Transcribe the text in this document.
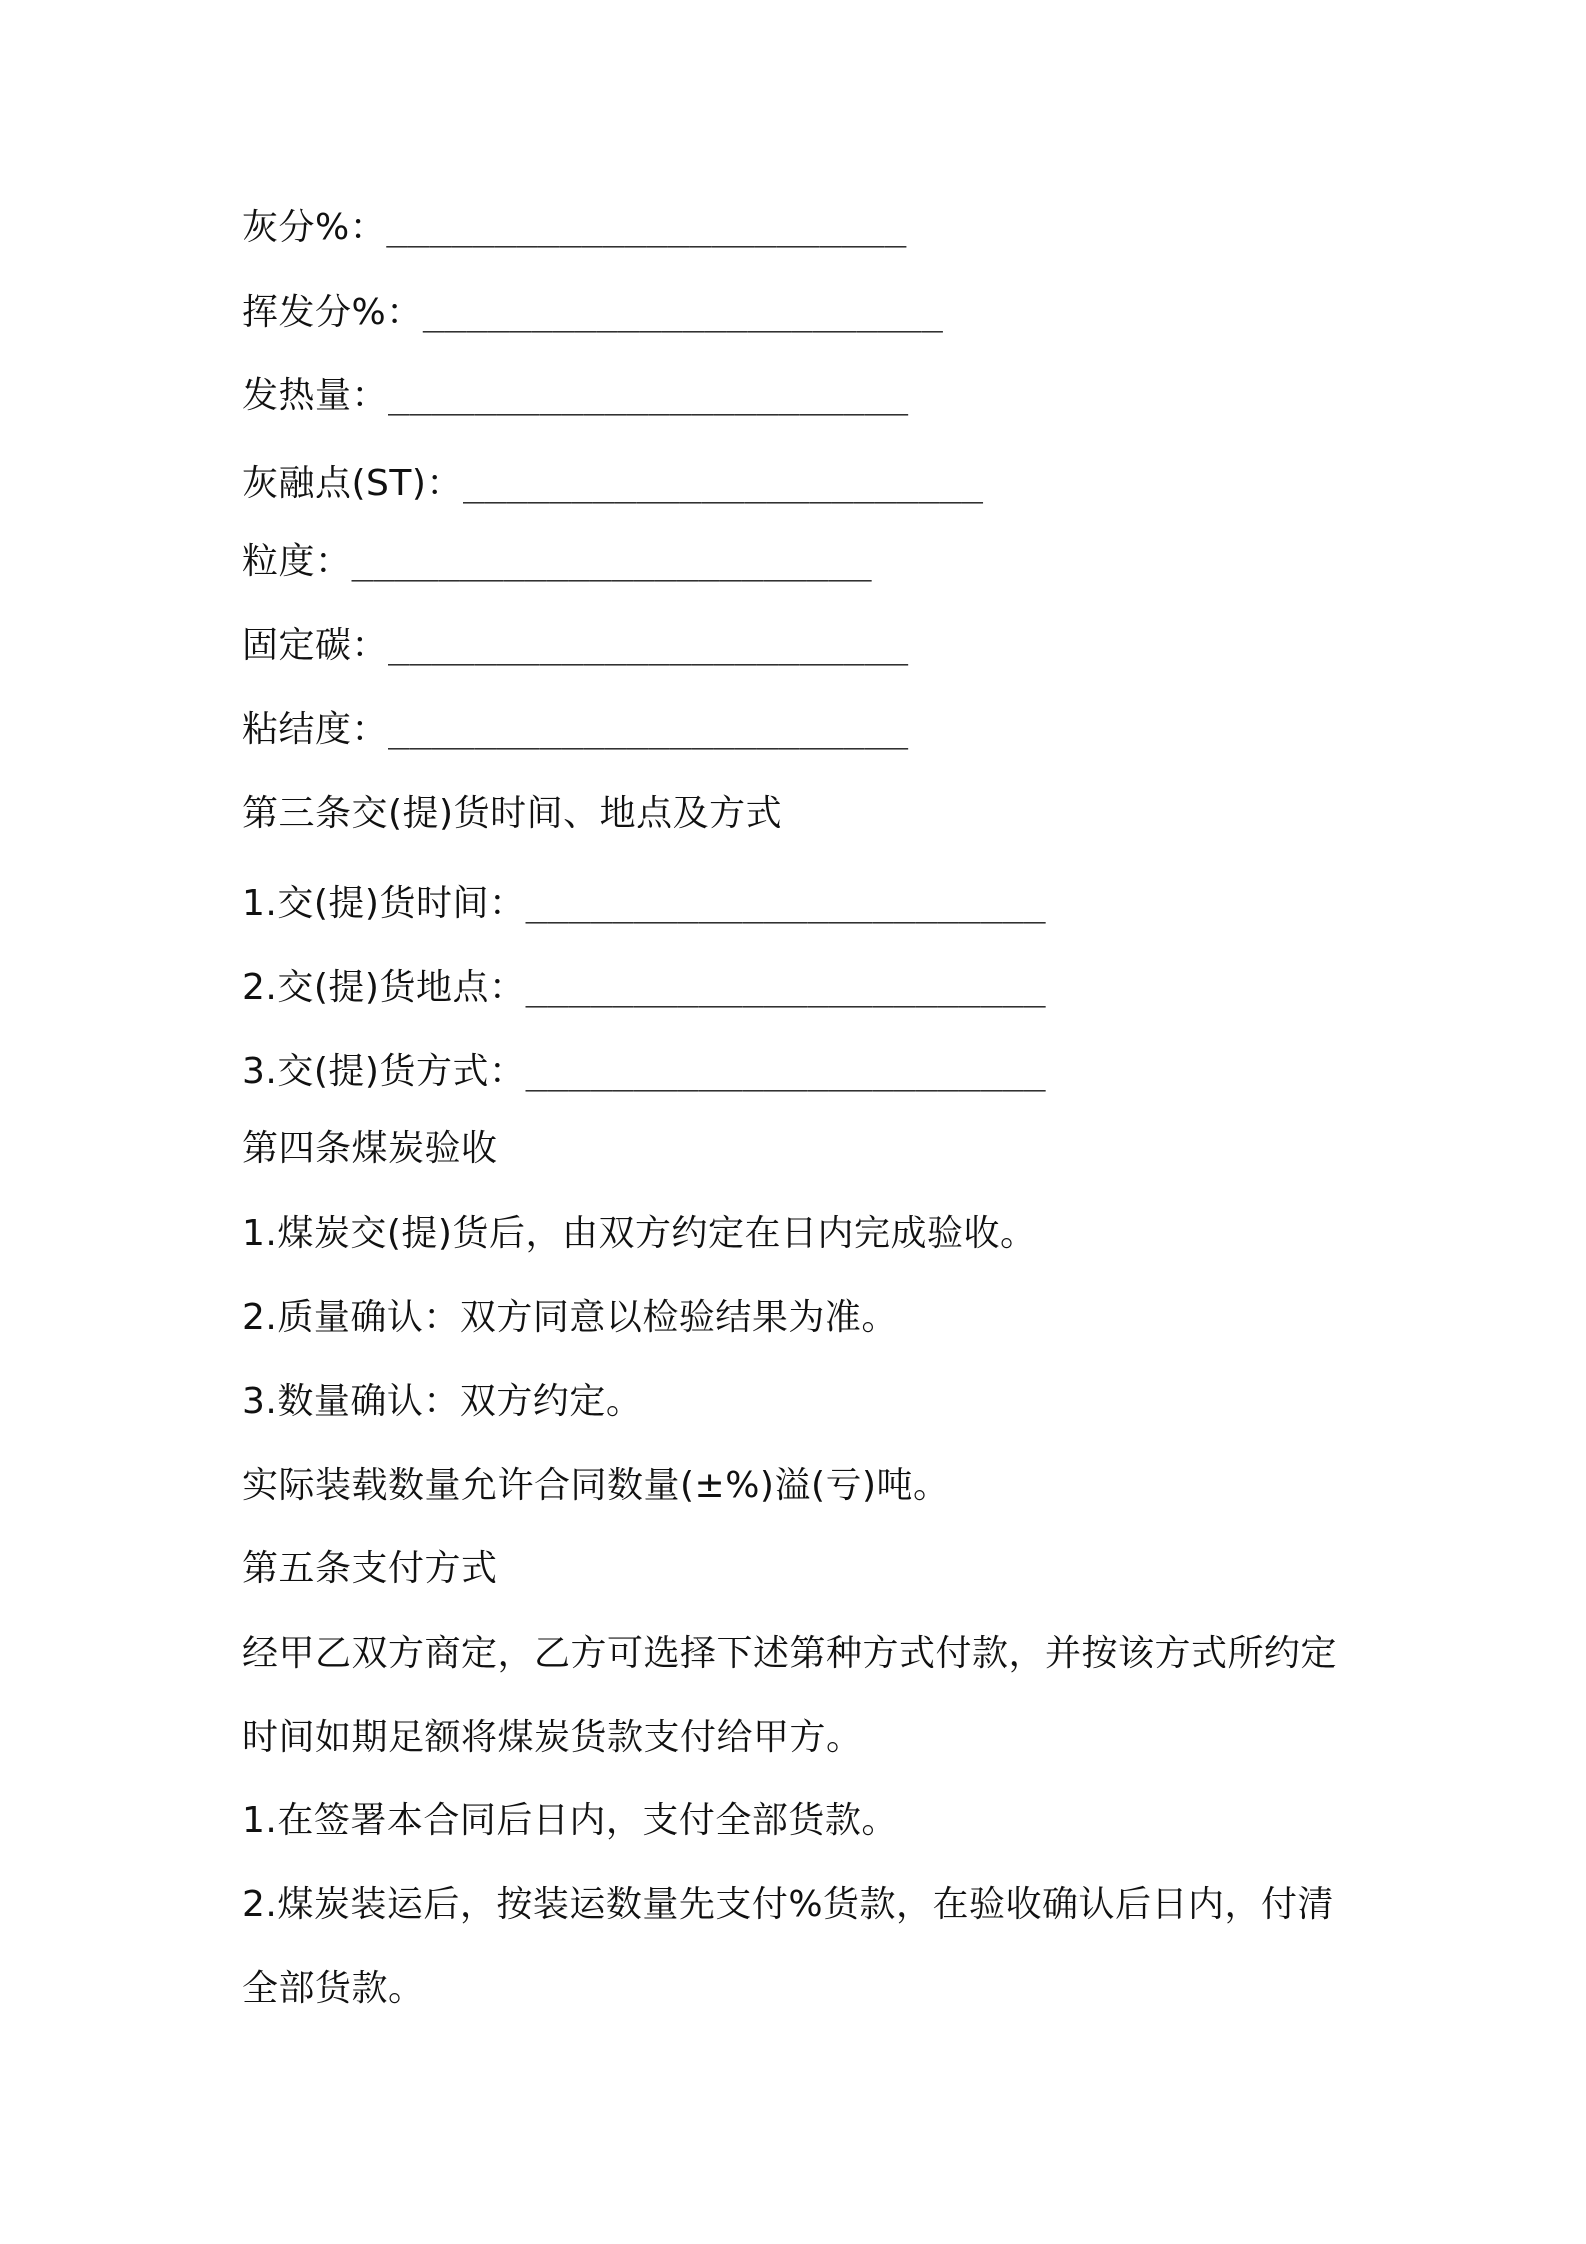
灰分%：________________________
挥发分%：________________________
发热量：________________________
灰融点(ST)：________________________
粒度：________________________
固定碳：________________________
粘结度：________________________
第三条交(提)货时间、地点及方式
1.交(提)货时间：________________________
2.交(提)货地点：________________________
3.交(提)货方式：________________________
第四条煤炭验收
1.煤炭交(提)货后，由双方约定在日内完成验收。
2.质量确认：双方同意以检验结果为准。
3.数量确认：双方约定。
实际装载数量允许合同数量(±%)溢(亏)吨。
第五条支付方式
经甲乙双方商定，乙方可选择下述第种方式付款，并按该方式所约定
时间如期足额将煤炭货款支付给甲方。
1.在签署本合同后日内，支付全部货款。
2.煤炭装运后，按装运数量先支付%货款，在验收确认后日内，付清
全部货款。
